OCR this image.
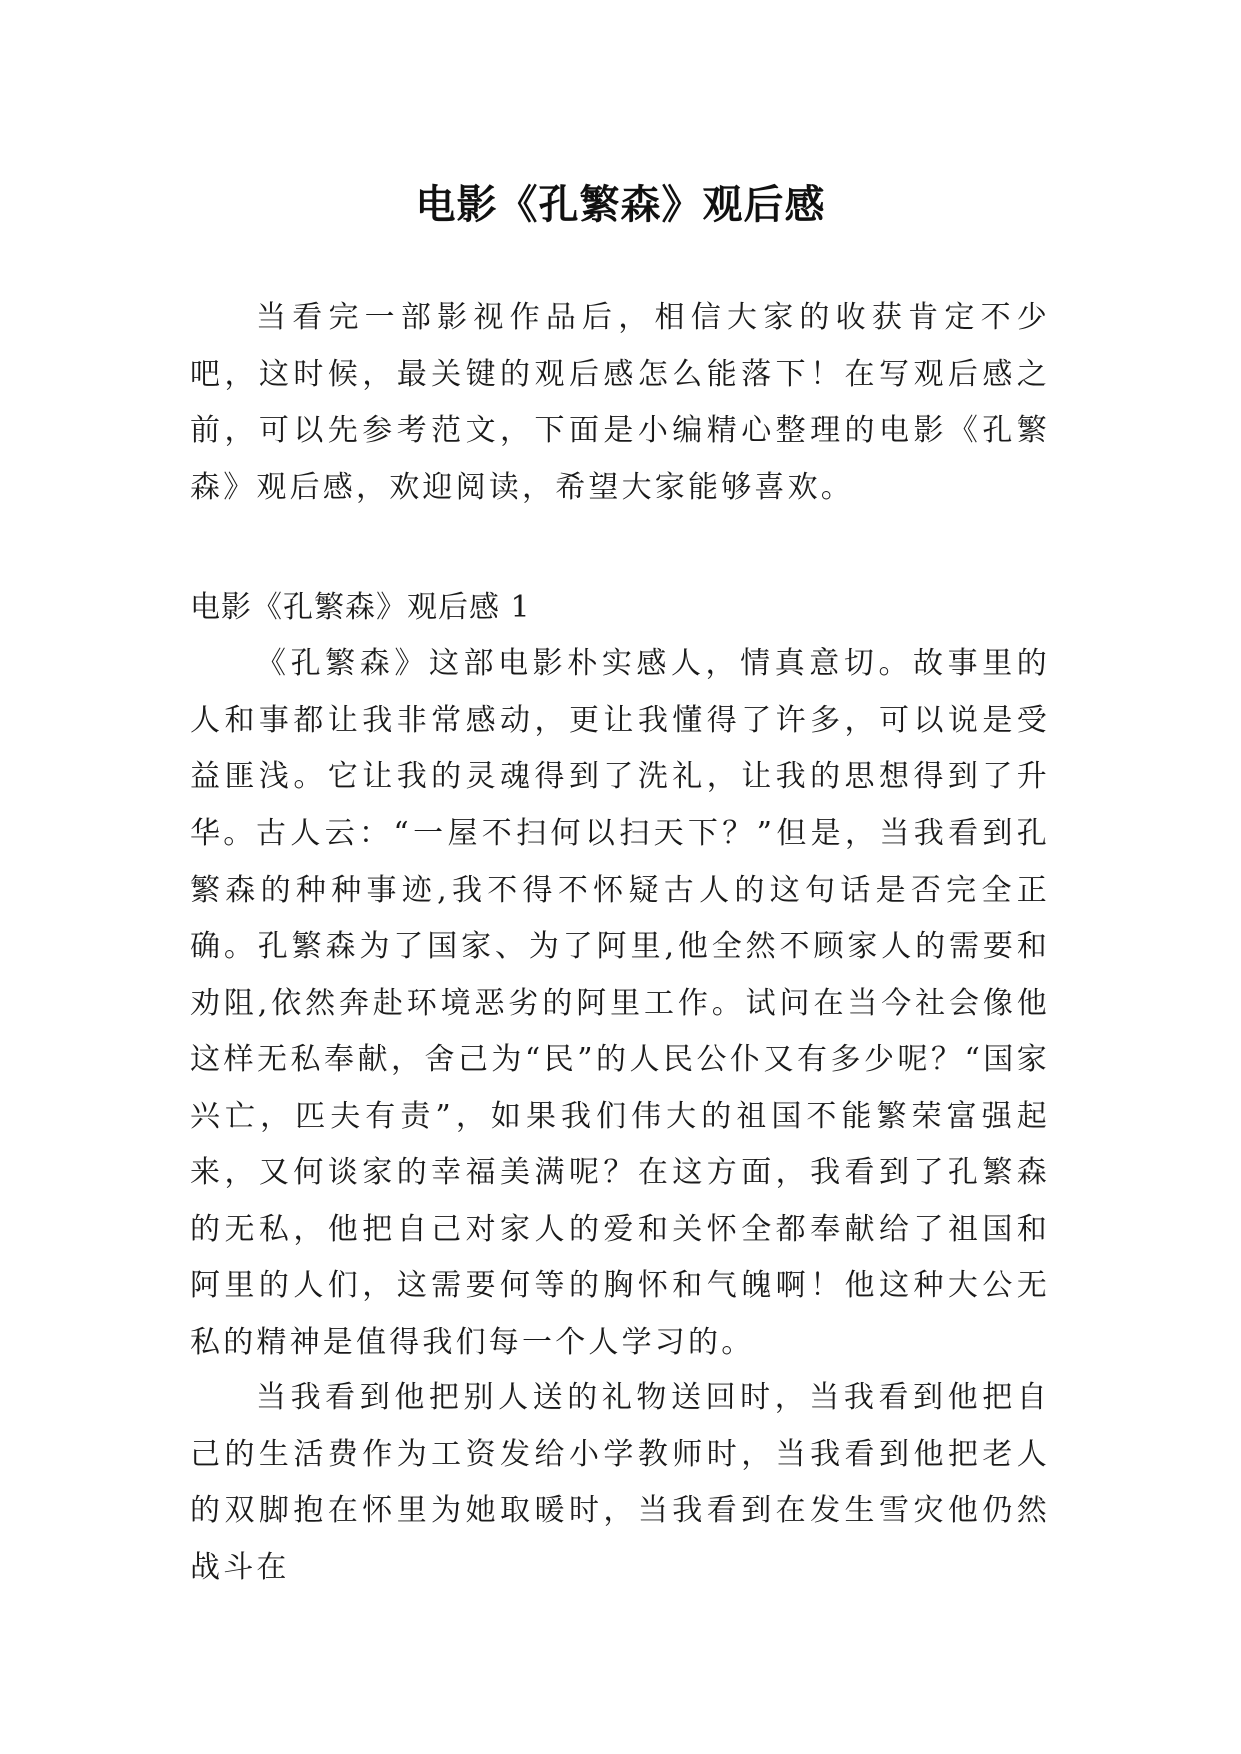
电影《孔繁森》观后感

当看完一部影视作品后，相信大家的收获肯定不少吧，这时候，最关键的观后感怎么能落下！在写观后感之前，可以先参考范文，下面是小编精心整理的电影《孔繁森》观后感，欢迎阅读，希望大家能够喜欢。

电影《孔繁森》观后感 1

《孔繁森》这部电影朴实感人，情真意切。故事里的人和事都让我非常感动，更让我懂得了许多，可以说是受益匪浅。它让我的灵魂得到了洗礼，让我的思想得到了升华。 古人云：“一屋不扫何以扫天下？”但是，当我看到孔繁森的种种事迹,我不得不怀疑古人的这句话是否完全正确。孔繁森为了国家、为了阿里,他全然不顾家人的需要和劝阻,依然奔赴环境恶劣的阿里工作。试问在当今社会像他这样无私奉献，舍己为“民”的人民公仆又有多少呢？“国家兴亡，匹夫有责”，如果我们伟大的祖国不能繁荣富强起来，又何谈家的幸福美满呢？在这方面，我看到了孔繁森的无私，他把自己对家人的爱和关怀全都奉献给了祖国和阿里的人们，这需要何等的胸怀和气魄啊！他这种大公无私的精神是值得我们每一个人学习的。

当我看到他把别人送的礼物送回时，当我看到他把自己的生活费作为工资发给小学教师时，当我看到他把老人的双脚抱在怀里为她取暖时，当我看到在发生雪灾他仍然战斗在
